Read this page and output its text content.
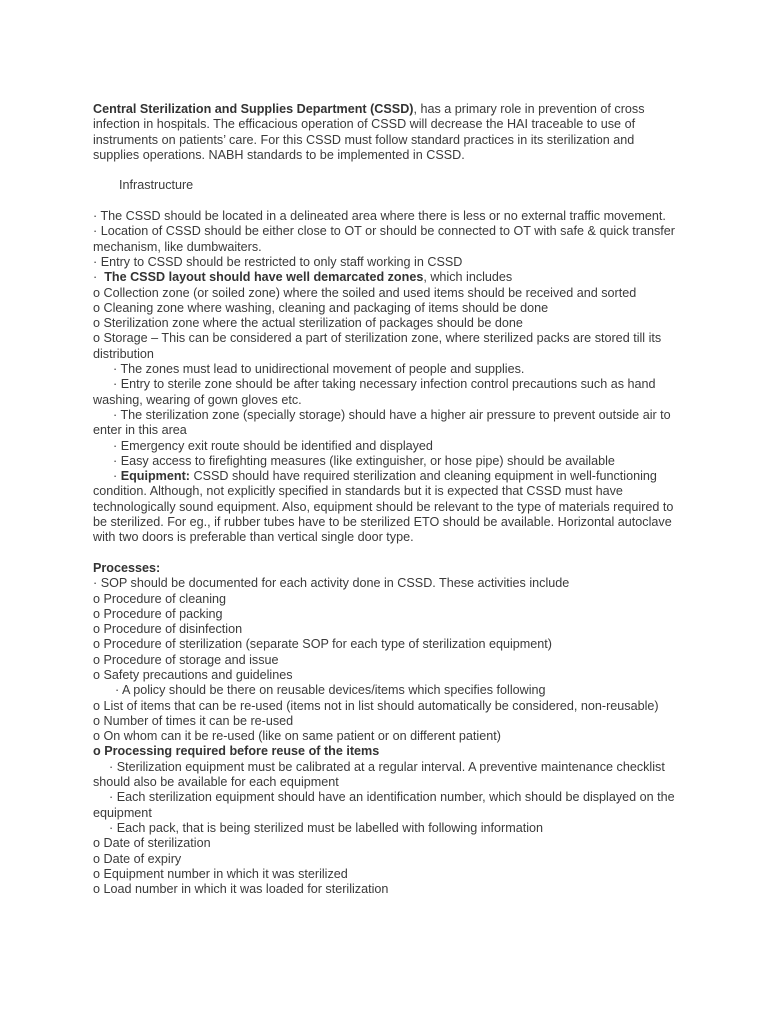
Central Sterilization and Supplies Department (CSSD), has a primary role in prevention of cross infection in hospitals. The efficacious operation of CSSD will decrease the HAI traceable to use of instruments on patients’ care. For this CSSD must follow standard practices in its sterilization and supplies operations. NABH standards to be implemented in CSSD.

Infrastructure

· The CSSD should be located in a delineated area where there is less or no external traffic movement.

· Location of CSSD should be either close to OT or should be connected to OT with safe & quick transfer mechanism, like dumbwaiters.

· Entry to CSSD should be restricted to only staff working in CSSD

·  The CSSD layout should have well demarcated zones, which includes

o Collection zone (or soiled zone) where the soiled and used items should be received and sorted

o Cleaning zone where washing, cleaning and packaging of items should be done

o Sterilization zone where the actual sterilization of packages should be done

o Storage – This can be considered a part of sterilization zone, where sterilized packs are stored till its distribution

· The zones must lead to unidirectional movement of people and supplies.

· Entry to sterile zone should be after taking necessary infection control precautions such as hand washing, wearing of gown gloves etc.

· The sterilization zone (specially storage) should have a higher air pressure to prevent outside air to enter in this area

· Emergency exit route should be identified and displayed

· Easy access to firefighting measures (like extinguisher, or hose pipe) should be available

· Equipment: CSSD should have required sterilization and cleaning equipment in well-functioning condition. Although, not explicitly specified in standards but it is expected that CSSD must have technologically sound equipment. Also, equipment should be relevant to the type of materials required to be sterilized. For eg., if rubber tubes have to be sterilized ETO should be available. Horizontal autoclave with two doors is preferable than vertical single door type.

Processes:

· SOP should be documented for each activity done in CSSD. These activities include

o Procedure of cleaning

o Procedure of packing

o Procedure of disinfection

o Procedure of sterilization (separate SOP for each type of sterilization equipment)

o Procedure of storage and issue

o Safety precautions and guidelines

· A policy should be there on reusable devices/items which specifies following

o List of items that can be re-used (items not in list should automatically be considered, non-reusable)

o Number of times it can be re-used

o On whom can it be re-used (like on same patient or on different patient)

o Processing required before reuse of the items

· Sterilization equipment must be calibrated at a regular interval. A preventive maintenance checklist should also be available for each equipment

· Each sterilization equipment should have an identification number, which should be displayed on the equipment

· Each pack, that is being sterilized must be labelled with following information

o Date of sterilization

o Date of expiry

o Equipment number in which it was sterilized

o Load number in which it was loaded for sterilization
